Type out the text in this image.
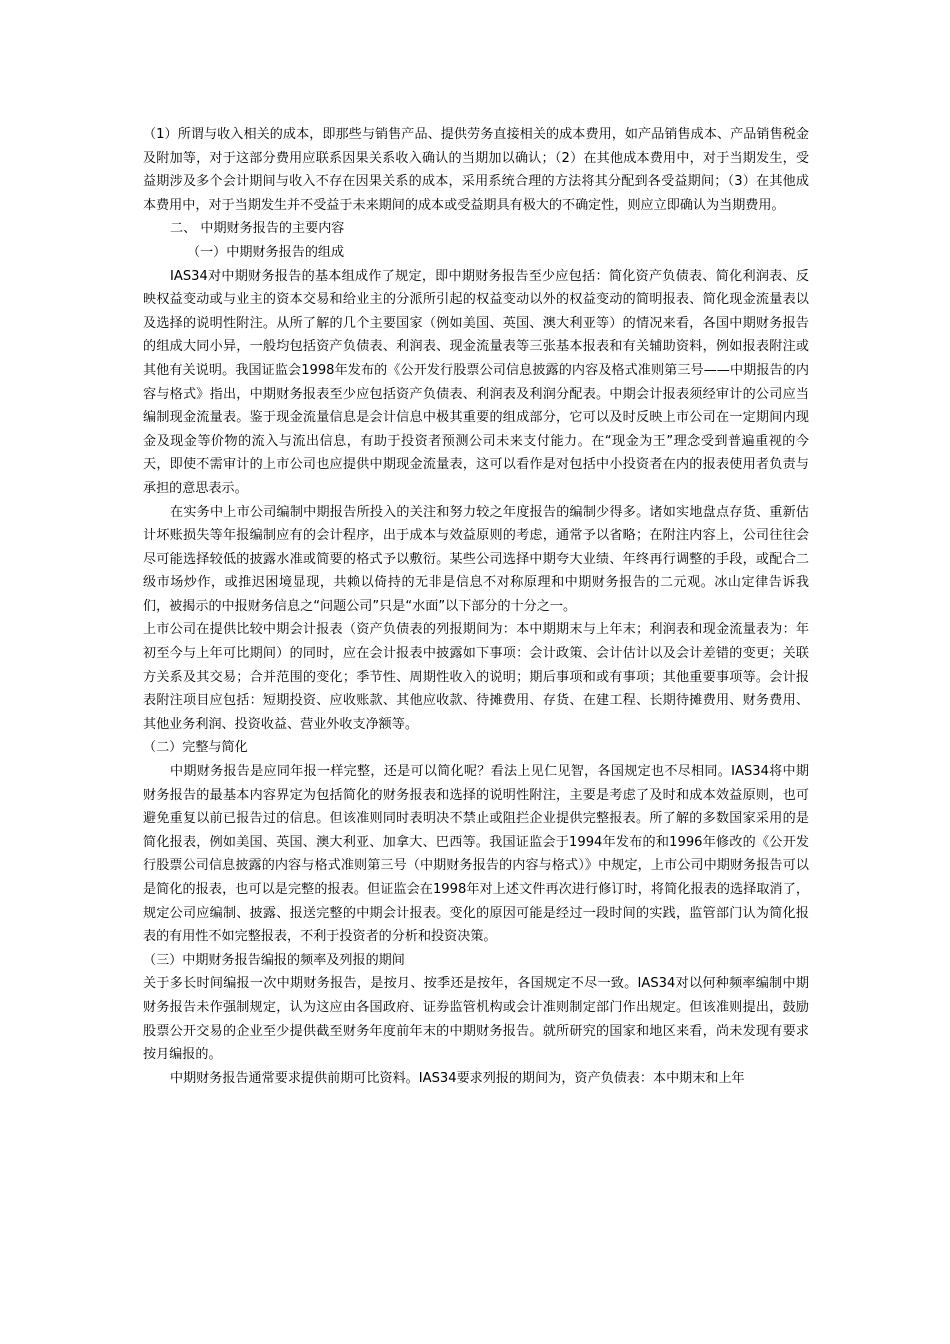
（1）所谓与收入相关的成本，即那些与销售产品、提供劳务直接相关的成本费用，如产品销售成本、产品销售税金及附加等，对于这部分费用应联系因果关系收入确认的当期加以确认；（2）在其他成本费用中，对于当期发生，受益期涉及多个会计期间与收入不存在因果关系的成本，采用系统合理的方法将其分配到各受益期间；（3）在其他成本费用中，对于当期发生并不受益于未来期间的成本或受益期具有极大的不确定性，则应立即确认为当期费用。

二、 中期财务报告的主要内容

（一）中期财务报告的组成

IAS34对中期财务报告的基本组成作了规定，即中期财务报告至少应包括：简化资产负债表、简化利润表、反映权益变动或与业主的资本交易和给业主的分派所引起的权益变动以外的权益变动的简明报表、简化现金流量表以及选择的说明性附注。从所了解的几个主要国家（例如美国、英国、澳大利亚等）的情况来看，各国中期财务报告的组成大同小异，一般均包括资产负债表、利润表、现金流量表等三张基本报表和有关辅助资料，例如报表附注或其他有关说明。我国证监会1998年发布的《公开发行股票公司信息披露的内容及格式准则第三号——中期报告的内容与格式》指出，中期财务报表至少应包括资产负债表、利润表及利润分配表。中期会计报表须经审计的公司应当编制现金流量表。鉴于现金流量信息是会计信息中极其重要的组成部分，它可以及时反映上市公司在一定期间内现金及现金等价物的流入与流出信息，有助于投资者预测公司未来支付能力。在“现金为王”理念受到普遍重视的今天，即使不需审计的上市公司也应提供中期现金流量表，这可以看作是对包括中小投资者在内的报表使用者负责与承担的意思表示。

在实务中上市公司编制中期报告所投入的关注和努力较之年度报告的编制少得多。诸如实地盘点存货、重新估计坏账损失等年报编制应有的会计程序，出于成本与效益原则的考虑，通常予以省略；在附注内容上，公司往往会尽可能选择较低的披露水准或简要的格式予以敷衍。某些公司选择中期夸大业绩、年终再行调整的手段，或配合二级市场炒作，或推迟困境显现，共赖以倚持的无非是信息不对称原理和中期财务报告的二元观。冰山定律告诉我们，被揭示的中报财务信息之“问题公司”只是“水面”以下部分的十分之一。

上市公司在提供比较中期会计报表（资产负债表的列报期间为：本中期期末与上年末；利润表和现金流量表为：年初至今与上年可比期间）的同时，应在会计报表中披露如下事项：会计政策、会计估计以及会计差错的变更；关联方关系及其交易；合并范围的变化；季节性、周期性收入的说明；期后事项和或有事项；其他重要事项等。会计报表附注项目应包括：短期投资、应收账款、其他应收款、待摊费用、存货、在建工程、长期待摊费用、财务费用、其他业务利润、投资收益、营业外收支净额等。

（二）完整与简化

中期财务报告是应同年报一样完整，还是可以简化呢？看法上见仁见智，各国规定也不尽相同。IAS34将中期财务报告的最基本内容界定为包括简化的财务报表和选择的说明性附注，主要是考虑了及时和成本效益原则，也可避免重复以前已报告过的信息。但该准则同时表明决不禁止或阻拦企业提供完整报表。所了解的多数国家采用的是简化报表，例如美国、英国、澳大利亚、加拿大、巴西等。我国证监会于1994年发布的和1996年修改的《公开发行股票公司信息披露的内容与格式准则第三号（中期财务报告的内容与格式）》中规定，上市公司中期财务报告可以是简化的报表，也可以是完整的报表。但证监会在1998年对上述文件再次进行修订时，将简化报表的选择取消了，规定公司应编制、披露、报送完整的中期会计报表。变化的原因可能是经过一段时间的实践，监管部门认为简化报表的有用性不如完整报表，不利于投资者的分析和投资决策。

（三）中期财务报告编报的频率及列报的期间

关于多长时间编报一次中期财务报告，是按月、按季还是按年，各国规定不尽一致。IAS34对以何种频率编制中期财务报告未作强制规定，认为这应由各国政府、证券监管机构或会计准则制定部门作出规定。但该准则提出，鼓励股票公开交易的企业至少提供截至财务年度前年末的中期财务报告。就所研究的国家和地区来看，尚未发现有要求按月编报的。

中期财务报告通常要求提供前期可比资料。IAS34要求列报的期间为，资产负债表：本中期末和上年
